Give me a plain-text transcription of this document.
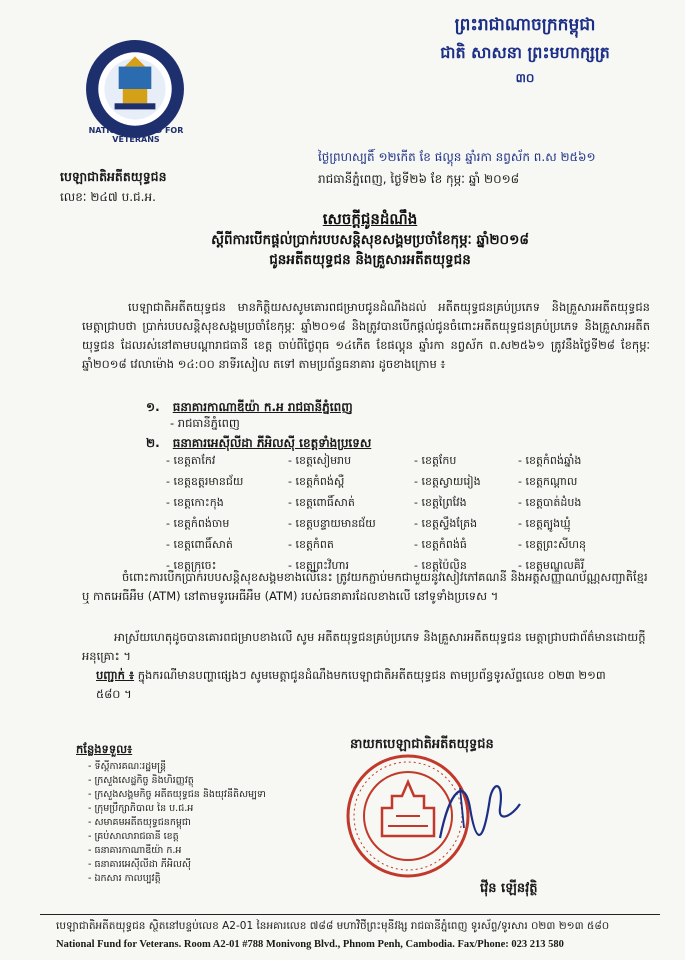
NATIONAL FUND FOR VETERANS
ព្រះរាជាណាចក្រកម្ពុជា
ជាតិ សាសនា ព្រះមហាក្សត្រ
៣០
បេឡាជាតិអតីតយុទ្ធជន
លេខៈ ២៤៧ ប.ជ.អ.
ថ្ងៃ​ព្រហស្បតិ៍ ១២កើត ខែ ផល្គុន ឆ្នាំរកា នព្វស័ក ព.ស ២៥៦១
រាជធានីភ្នំពេញ, ថ្ងៃទី២៦ ខែ កុម្ភៈ ឆ្នាំ ២០១៨
សេចក្តីជូនដំណឹង
ស្តីពីការបើកផ្តល់ប្រាក់របបសន្តិសុខសង្គមប្រចាំខែកុម្ភៈ ឆ្នាំ២០១៨
ជូនអតីតយុទ្ធជន និងគ្រួសារអតីតយុទ្ធជន
បេឡាជាតិអតីតយុទ្ធជន មានកិត្តិយសសូមគោរពជម្រាបជូនដំណឹងដល់ អតីតយុទ្ធជនគ្រប់ប្រភេទ និងគ្រួសារអតីតយុទ្ធជន មេត្តាជ្រាបថា ប្រាក់របបសន្តិសុខសង្គមប្រចាំខែកុម្ភៈ ឆ្នាំ២០១៨ និងត្រូវបានបើកផ្តល់ជូនចំពោះអតីតយុទ្ធជនគ្រប់ប្រភេទ និងគ្រួសារអតីតយុទ្ធជន ដែលរស់នៅតាមបណ្តារាជធានី ខេត្ត ចាប់ពីថ្ងៃពុធ ១៤កើត ខែផល្គុន ឆ្នាំរកា នព្វស័ក ព.ស២៥៦១ ត្រូវនឹងថ្ងៃទី២៨ ខែកុម្ភៈ ឆ្នាំ២០១៨ វេលាម៉ោង ១៤:០០ នាទីរសៀល តទៅ តាមប្រព័ន្ធធនាគារ ដូចខាងក្រោម ៖
១. ធនាគារកាណាឌីយ៉ា ក.អ រាជធានីភ្នំពេញ
- រាជធានីភ្នំពេញ
២. ធនាគារអេស៊ីលីដា ភីអិលស៊ី ខេត្តទាំងប្រទេស
- ខេត្តតាកែវ	- ខេត្តសៀមរាប	- ខេត្តកែប	- ខេត្តកំពង់ឆ្នាំង
- ខេត្តឧត្តរមានជ័យ	- ខេត្តកំពង់ស្ពឺ	- ខេត្តស្វាយរៀង	- ខេត្តកណ្តាល
- ខេត្តកោះកុង	- ខេត្តពោធិ៍សាត់	- ខេត្តព្រៃវែង	- ខេត្តបាត់ដំបង
- ខេត្តកំពង់ចាម	- ខេត្តបន្ទាយមានជ័យ	- ខេត្តស្ទឹងត្រែង	- ខេត្តត្បូងឃ្មុំ
- ខេត្តពោធិ៍សាត់	- ខេត្តកំពត	- ខេត្តកំពង់ធំ	- ខេត្តព្រះសីហនុ
- ខេត្តក្រចេះ	- ខេត្តព្រះវិហារ	- ខេត្តប៉ៃលិន	- ខេត្តមណ្ឌលគិរី
ចំពោះការបើកប្រាក់របបសន្តិសុខសង្គមខាងលើនេះ ត្រូវយកភ្ជាប់មកជាមួយនូវសៀវភៅគណនី និងអត្តសញ្ញាណប័ណ្ណសញ្ជាតិខ្មែរ ឬ កាតអេធីអឹម (ATM) នៅតាមទូរអេធីអឹម (ATM) របស់ធនាគារដែលខាងលើ នៅទូទាំងប្រទេស ។
អាស្រ័យហេតុដូចបានគោរពជម្រាបខាងលើ សូម អតីតយុទ្ធជនគ្រប់ប្រភេទ និងគ្រួសារអតីតយុទ្ធជន មេត្តាជ្រាបជាព័ត៌មានដោយក្តីអនុគ្រោះ ។
បញ្ជាក់ ៖ ក្នុងករណីមានបញ្ហាផ្សេងៗ សូមមេត្តាជូនដំណឹងមកបេឡាជាតិអតីតយុទ្ធជន តាមប្រព័ន្ធទូរស័ព្ទលេខ ០២៣ ២១៣ ៥៨០ ។
នាយកបេឡាជាតិអតីតយុទ្ធជន
វ៉ើន ឡើនវុត្ថិ
កន្លែងទទួល៖
- ទីស្តីការគណៈរដ្ឋមន្ត្រី
- ក្រសួងសេដ្ឋកិច្ច និងហិរញ្ញវត្ថុ
- ក្រសួងសង្គមកិច្ច អតីតយុទ្ធជន និងយុវនីតិសម្បទា
- ក្រុមប្រឹក្សាភិបាល នៃ ប.ជ.អ
- សមាគមអតីតយុទ្ធជនកម្ពុជា
- គ្រប់សាលារាជធានី ខេត្ត
- ធនាគារកាណាឌីយ៉ា ក.អ
- ធនាគារអេស៊ីលីដា ភីអិលស៊ី
- ឯកសារ កាលប្បវត្តិ
បេឡាជាតិអតីតយុទ្ធជន ស្ថិតនៅបន្ទប់លេខ A2-01 នៃអគារលេខ ៧៨៨ មហាវិថីព្រះមុនីវង្ស រាជធានីភ្នំពេញ ទូរស័ព្ទ/ទូរសារ ០២៣ ២១៣ ៥៨០
National Fund for Veterans. Room A2-01 #788 Monivong Blvd., Phnom Penh, Cambodia. Fax/Phone: 023 213 580
